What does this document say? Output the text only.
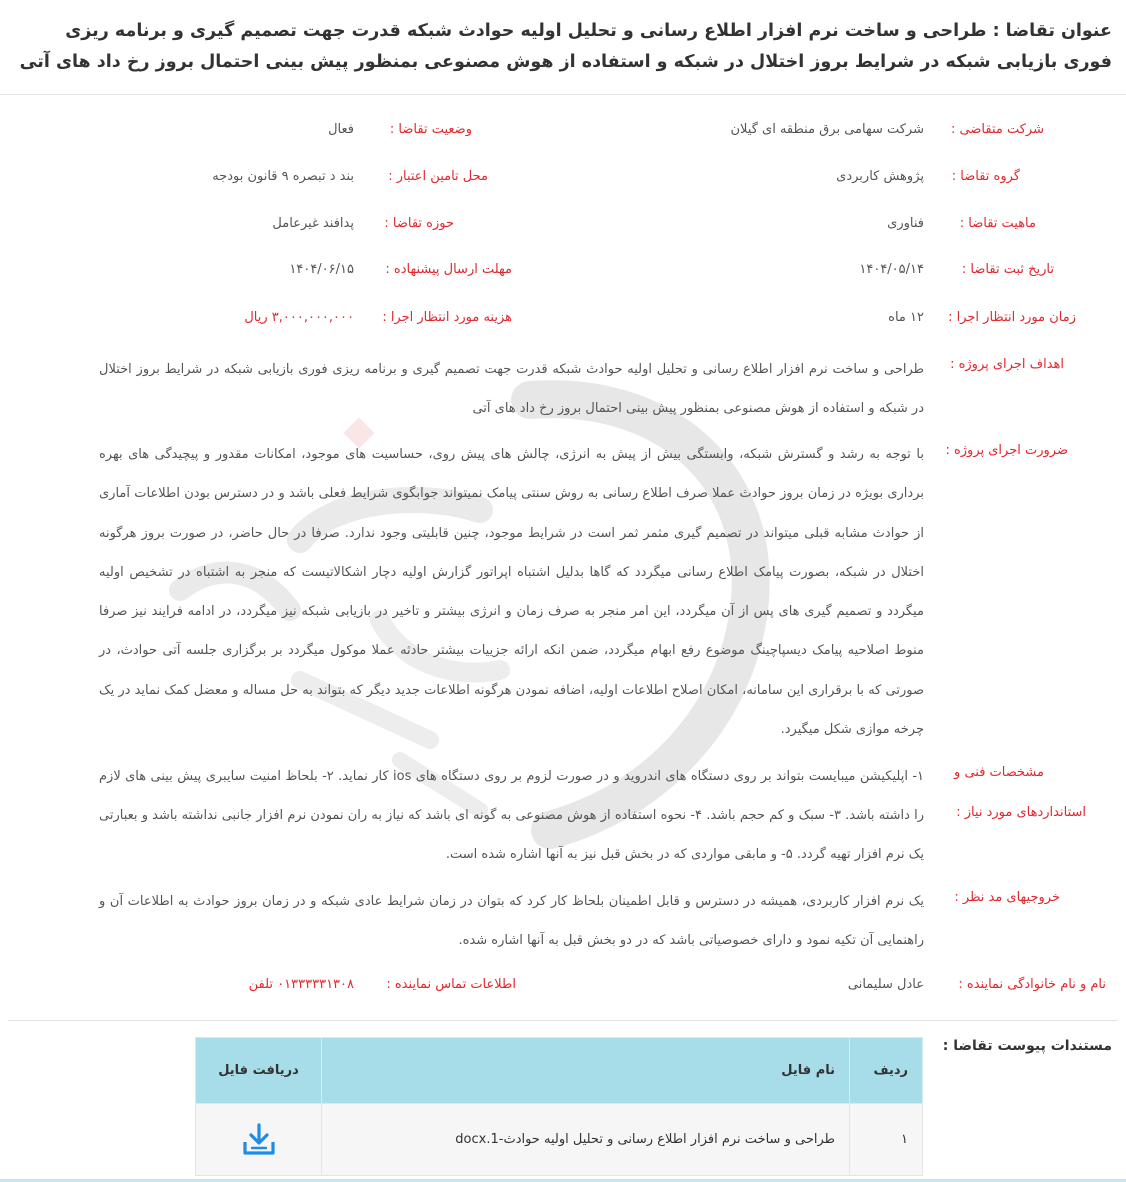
عنوان تقاضا : طراحی و ساخت نرم افزار اطلاع رسانی و تحلیل اولیه حوادث شبکه قدرت جهت تصمیم گیری و برنامه ریزی فوری بازیابی شبکه در شرایط بروز اختلال در شبکه و استفاده از هوش مصنوعی بمنظور پیش بینی احتمال بروز رخ داد های آتی
شرکت متقاضی :
شرکت سهامی برق منطقه ای گیلان
وضعیت تقاضا :
فعال
گروه تقاضا :
پژوهش کاربردی
محل تامین اعتبار :
بند د تبصره ۹ قانون بودجه
ماهیت تقاضا :
فناوری
حوزه تقاضا :
پدافند غیرعامل
تاریخ ثبت تقاضا :
۱۴۰۴/۰۵/۱۴
مهلت ارسال پیشنهاده :
۱۴۰۴/۰۶/۱۵
زمان مورد انتظار اجرا :
۱۲ ماه
هزینه مورد انتظار اجرا :
۳,۰۰۰,۰۰۰,۰۰۰ ریال
اهداف اجرای پروژه :
طراحی و ساخت نرم افزار اطلاع رسانی و تحلیل اولیه حوادث شبکه قدرت جهت تصمیم گیری و برنامه ریزی فوری بازیابی شبکه در شرایط بروز اختلال در شبکه و استفاده از هوش مصنوعی بمنظور پیش بینی احتمال بروز رخ داد های آتی
ضرورت اجرای پروژه :
با توجه به رشد و گسترش شبکه، وابستگی بیش از پیش به انرژی، چالش های پیش روی، حساسیت های موجود، امکانات مقدور و پیچیدگی های بهره برداری بویژه در زمان بروز حوادث عملا صرف اطلاع رسانی به روش سنتی پیامک نمیتواند جوابگوی شرایط فعلی باشد و در دسترس بودن اطلاعات آماری از حوادث مشابه قبلی میتواند در تصمیم گیری مثمر ثمر است در شرایط موجود، چنین قابلیتی وجود ندارد. صرفا در حال حاضر، در صورت بروز هرگونه اختلال در شبکه، بصورت پیامک اطلاع رسانی میگردد که گاها بدلیل اشتباه اپراتور گزارش اولیه دچار اشکالاتیست که منجر به اشتباه در تشخیص اولیه میگردد و تصمیم گیری های پس از آن میگردد، این امر منجر به صرف زمان و انرژی بیشتر و تاخیر در بازیابی شبکه نیز میگردد، در ادامه فرایند نیز صرفا منوط اصلاحیه پیامک دیسپاچینگ موضوع رفع ابهام میگردد، ضمن انکه ارائه جزییات بیشتر حادثه عملا موکول میگردد بر برگزاری جلسه آتی حوادث، در صورتی که با برقراری این سامانه، امکان اصلاح اطلاعات اولیه، اضافه نمودن هرگونه اطلاعات جدید دیگر که بتواند به حل مساله و معضل کمک نماید در یک چرخه موازی شکل میگیرد.
مشخصات فنی و
استانداردهای مورد نیاز :
۱- اپلیکیشن میبایست بتواند بر روی دستگاه های اندروید و در صورت لزوم بر روی دستگاه های ios کار نماید. ۲- بلحاظ امنیت سایبری پیش بینی های لازم را داشته باشد. ۳- سبک و کم حجم باشد. ۴- نحوه استفاده از هوش مصنوعی به گونه ای باشد که نیاز به ران نمودن نرم افزار جانبی نداشته باشد و بعبارتی یک نرم افزار تهیه گردد. ۵- و مابقی مواردی که در بخش قبل نیز به آنها اشاره شده است.
خروجیهای مد نظر :
یک نرم افزار کاربردی، همیشه در دسترس و قابل اطمینان بلحاظ کار کرد که بتوان در زمان شرایط عادی شبکه و در زمان بروز حوادث به اطلاعات آن و راهنمایی آن تکیه نمود و دارای خصوصیاتی باشد که در دو بخش قبل به آنها اشاره شده.
نام و نام خانوادگی نماینده :
عادل سلیمانی
اطلاعات تماس نماینده :
۰۱۳۳۳۳۳۱۳۰۸ تلفن
مستندات پیوست تقاضا :
ردیف	نام فایل	دریافت فایل
۱	طراحی و ساخت نرم افزار اطلاع رسانی و تحلیل اولیه حوادث-1.docx	
